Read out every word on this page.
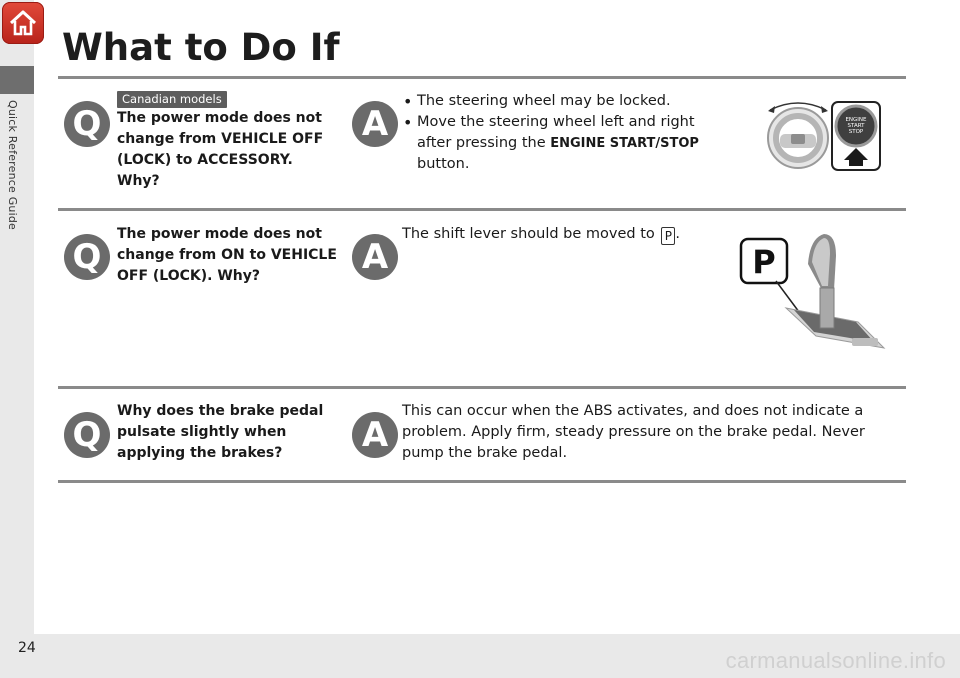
Quick Reference Guide
What to Do If
Canadian models
Q	The power mode does not change from VEHICLE OFF (LOCK) to ACCESSORY. Why?
A
• The steering wheel may be locked.
• Move the steering wheel left and right after pressing the ENGINE START/STOP button.
ENGINE
START
STOP
Q
The power mode does not change from ON to VEHICLE OFF (LOCK). Why?	A
The shift lever should be moved to P .
P
Q
Why does the brake pedal pulsate slightly when applying the brakes?	A
This can occur when the ABS activates, and does not indicate a problem. Apply firm, steady pressure on the brake pedal. Never pump the brake pedal.
24	carmanualsonline.info
